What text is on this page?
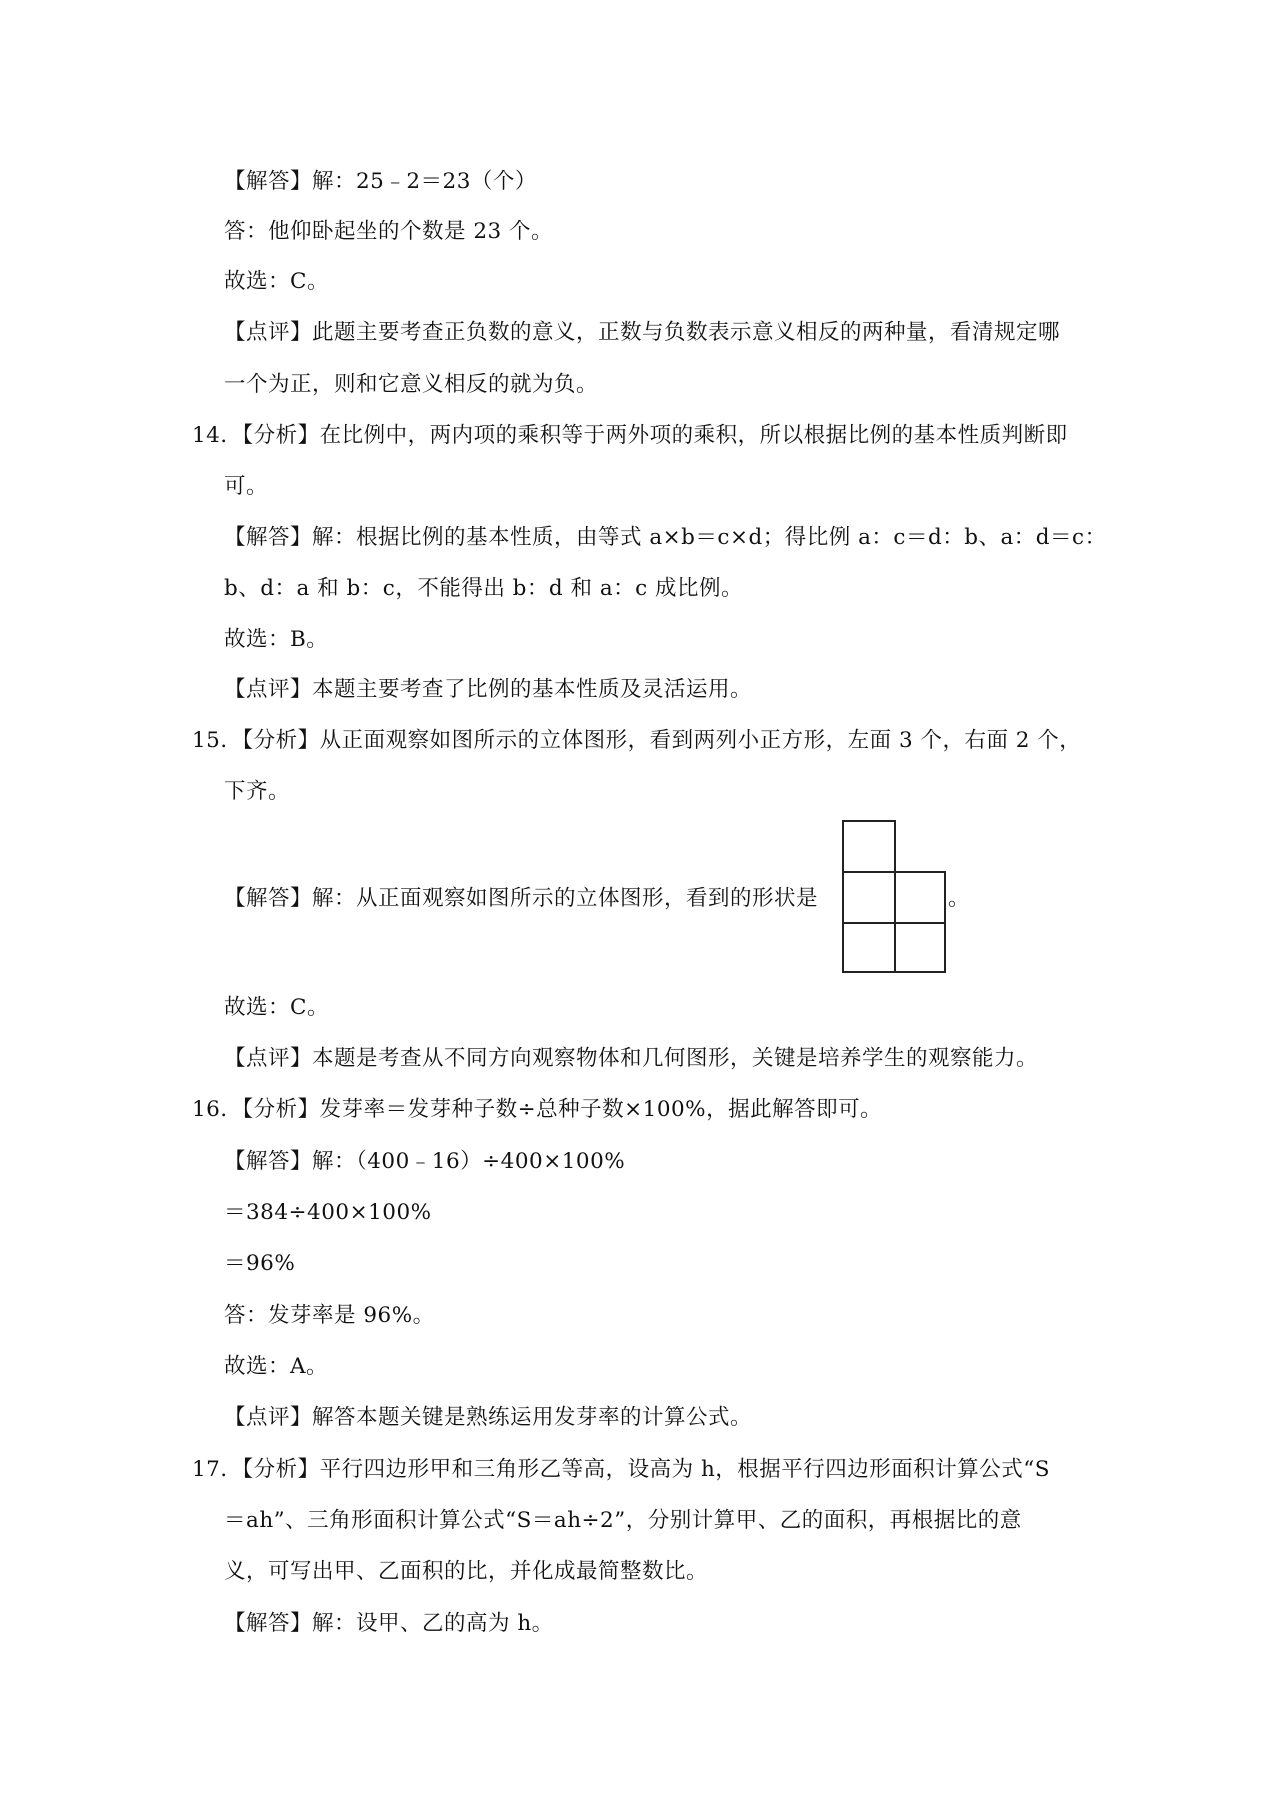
【解答】解：25﹣2＝23（个）
答：他仰卧起坐的个数是 23 个。
故选：C。
【点评】此题主要考查正负数的意义，正数与负数表示意义相反的两种量，看清规定哪
一个为正，则和它意义相反的就为负。
14．【分析】在比例中，两内项的乘积等于两外项的乘积，所以根据比例的基本性质判断即
可。
【解答】解：根据比例的基本性质，由等式 a×b＝c×d；得比例 a：c＝d：b、a：d＝c：
b、d：a 和 b：c，不能得出 b：d 和 a：c 成比例。
故选：B。
【点评】本题主要考查了比例的基本性质及灵活运用。
15．【分析】从正面观察如图所示的立体图形，看到两列小正方形，左面 3 个，右面 2 个，
下齐。
【解答】解：从正面观察如图所示的立体图形，看到的形状是	。
故选：C。
【点评】本题是考查从不同方向观察物体和几何图形，关键是培养学生的观察能力。
16．【分析】发芽率＝发芽种子数÷总种子数×100%，据此解答即可。
【解答】解：（400﹣16）÷400×100%
＝384÷400×100%
＝96%
答：发芽率是 96%。
故选：A。
【点评】解答本题关键是熟练运用发芽率的计算公式。
17．【分析】平行四边形甲和三角形乙等高，设高为 h，根据平行四边形面积计算公式“S
＝ah”、三角形面积计算公式“S＝ah÷2”，分别计算甲、乙的面积，再根据比的意
义，可写出甲、乙面积的比，并化成最简整数比。
【解答】解：设甲、乙的高为 h。
